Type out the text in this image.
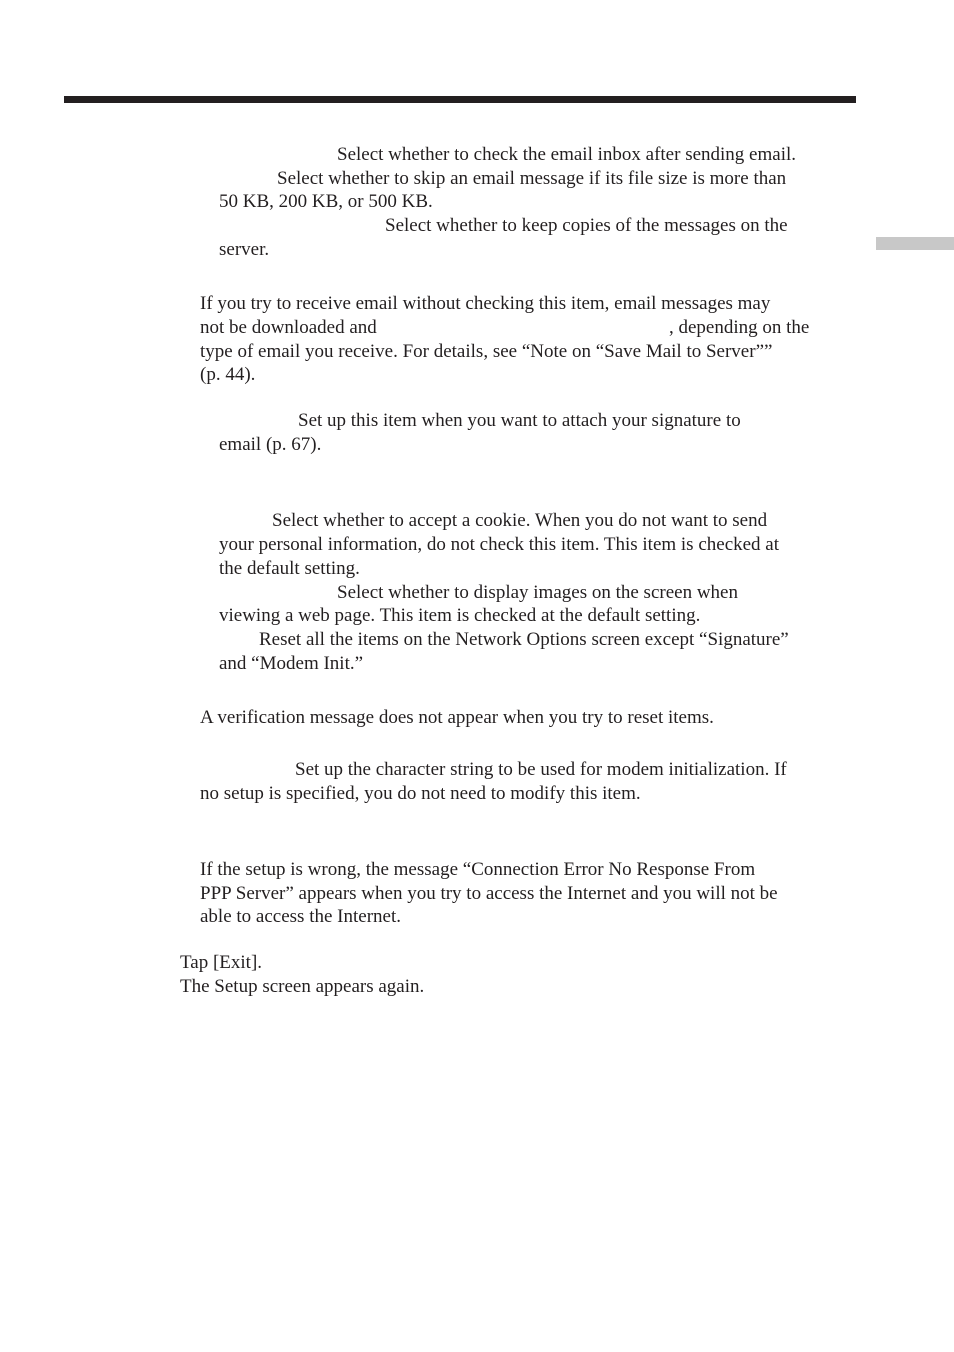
Select whether to check the email inbox after sending email.

Select whether to skip an email message if its file size is more than

50 KB, 200 KB, or 500 KB.

Select whether to keep copies of the messages on the

server.

If you try to receive email without checking this item, email messages may

not be downloaded and	, depending on the

type of email you receive. For details, see “Note on “Save Mail to Server””

(p. 44).

Set up this item when you want to attach your signature to

email (p. 67).

Select whether to accept a cookie. When you do not want to send

your personal information, do not check this item. This item is checked at

the default setting.

Select whether to display images on the screen when

viewing a web page. This item is checked at the default setting.

Reset all the items on the Network Options screen except “Signature”

and “Modem Init.”

A verification message does not appear when you try to reset items.

Set up the character string to be used for modem initialization. If

no setup is specified, you do not need to modify this item.

If the setup is wrong, the message “Connection Error No Response From

PPP Server” appears when you try to access the Internet and you will not be

able to access the Internet.

Tap [Exit].

The Setup screen appears again.
